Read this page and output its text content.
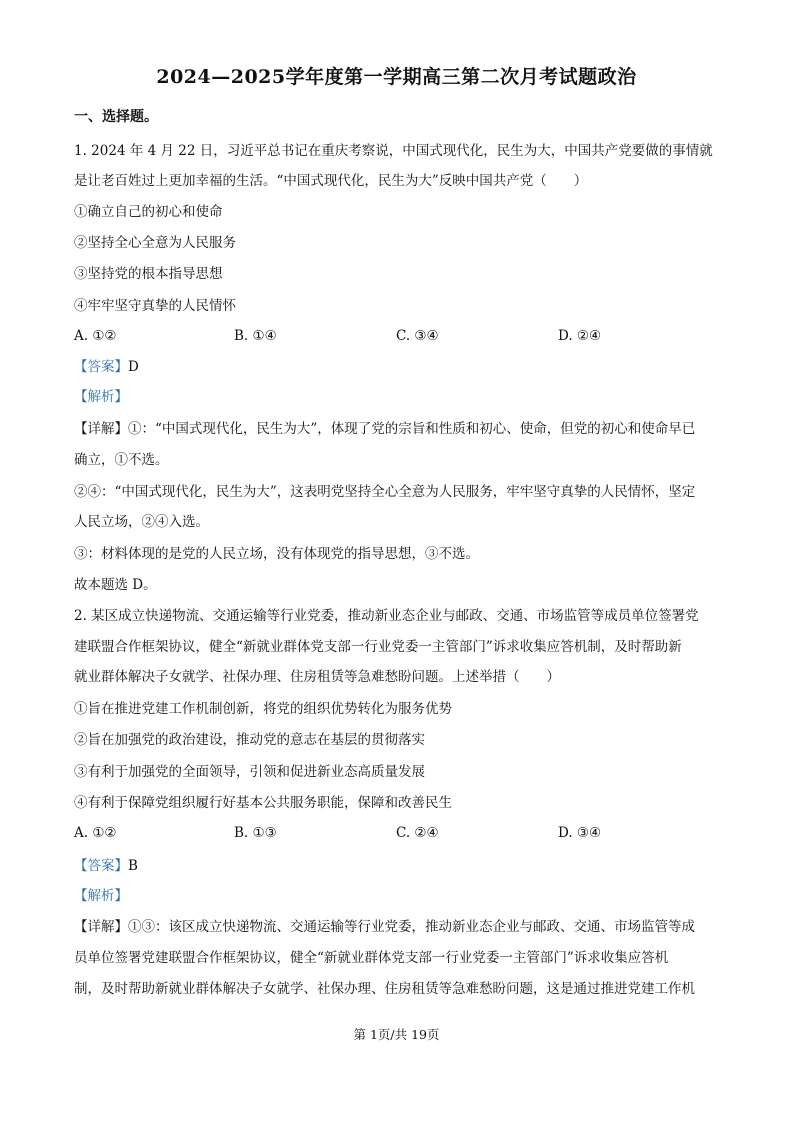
2024—2025学年度第一学期高三第二次月考试题政治
一、选择题。
1. 2024 年 4 月 22 日，习近平总书记在重庆考察说，中国式现代化，民生为大，中国共产党要做的事情就
是让老百姓过上更加幸福的生活。“中国式现代化，民生为大”反映中国共产党（　　）
①确立自己的初心和使命
②坚持全心全意为人民服务
③坚持党的根本指导思想
④牢牢坚守真挚的人民情怀
A. ①②	B. ①④	C. ③④	D. ②④
【答案】D
【解析】
【详解】①：“中国式现代化，民生为大”，体现了党的宗旨和性质和初心、使命，但党的初心和使命早已
确立，①不选。
②④：“中国式现代化，民生为大”，这表明党坚持全心全意为人民服务，牢牢坚守真挚的人民情怀，坚定
人民立场，②④入选。
③：材料体现的是党的人民立场，没有体现党的指导思想，③不选。
故本题选 D。
2. 某区成立快递物流、交通运输等行业党委，推动新业态企业与邮政、交通、市场监管等成员单位签署党
建联盟合作框架协议，健全“新就业群体党支部一行业党委一主管部门”诉求收集应答机制，及时帮助新
就业群体解决子女就学、社保办理、住房租赁等急难愁盼问题。上述举措（　　）
①旨在推进党建工作机制创新，将党的组织优势转化为服务优势
②旨在加强党的政治建设，推动党的意志在基层的贯彻落实
③有利于加强党的全面领导，引领和促进新业态高质量发展
④有利于保障党组织履行好基本公共服务职能，保障和改善民生
A. ①②	B. ①③	C. ②④	D. ③④
【答案】B
【解析】
【详解】①③：该区成立快递物流、交通运输等行业党委，推动新业态企业与邮政、交通、市场监管等成
员单位签署党建联盟合作框架协议，健全“新就业群体党支部一行业党委一主管部门”诉求收集应答机
制，及时帮助新就业群体解决子女就学、社保办理、住房租赁等急难愁盼问题，这是通过推进党建工作机
第 1页/共 19页
